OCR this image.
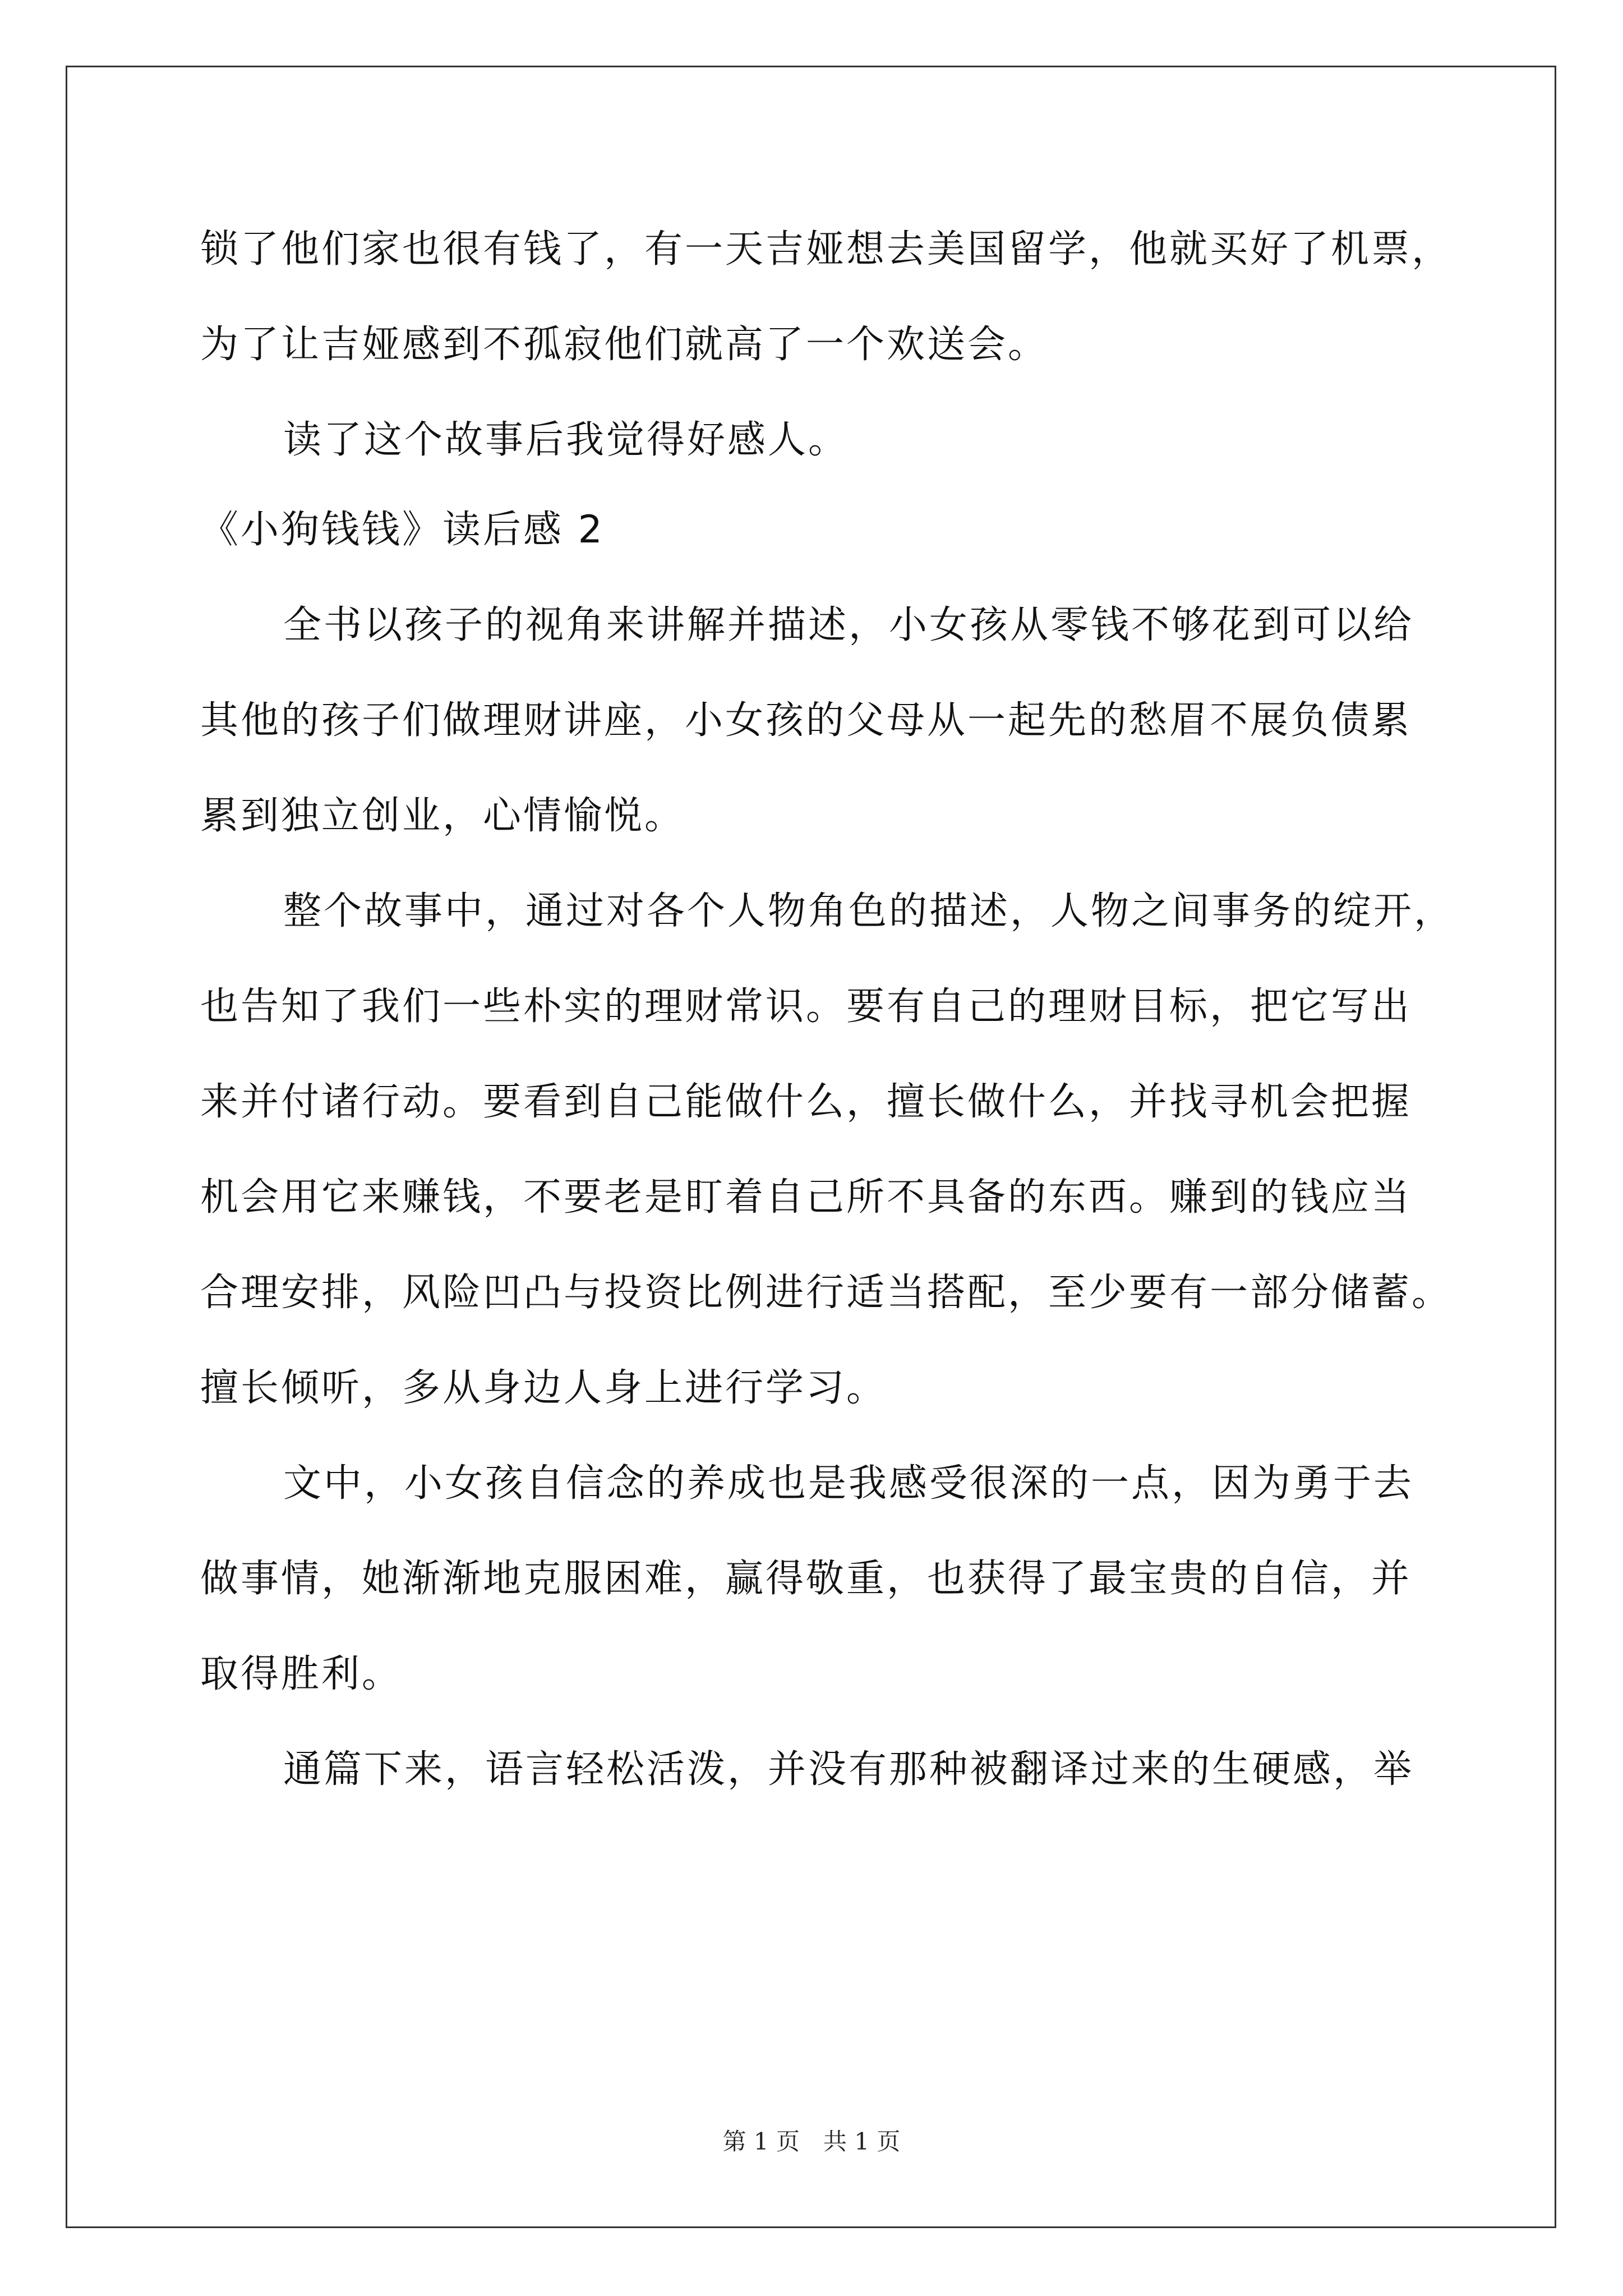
锁了他们家也很有钱了，有一天吉娅想去美国留学，他就买好了机票，
为了让吉娅感到不孤寂他们就高了一个欢送会。
读了这个故事后我觉得好感人。
《小狗钱钱》读后感 2
全书以孩子的视角来讲解并描述，小女孩从零钱不够花到可以给
其他的孩子们做理财讲座，小女孩的父母从一起先的愁眉不展负债累
累到独立创业，心情愉悦。
整个故事中，通过对各个人物角色的描述，人物之间事务的绽开，
也告知了我们一些朴实的理财常识。要有自己的理财目标，把它写出
来并付诸行动。要看到自己能做什么，擅长做什么，并找寻机会把握
机会用它来赚钱，不要老是盯着自己所不具备的东西。赚到的钱应当
合理安排，风险凹凸与投资比例进行适当搭配，至少要有一部分储蓄。
擅长倾听，多从身边人身上进行学习。
文中，小女孩自信念的养成也是我感受很深的一点，因为勇于去
做事情，她渐渐地克服困难，赢得敬重，也获得了最宝贵的自信，并
取得胜利。
通篇下来，语言轻松活泼，并没有那种被翻译过来的生硬感，举
第 1 页　共 1 页
